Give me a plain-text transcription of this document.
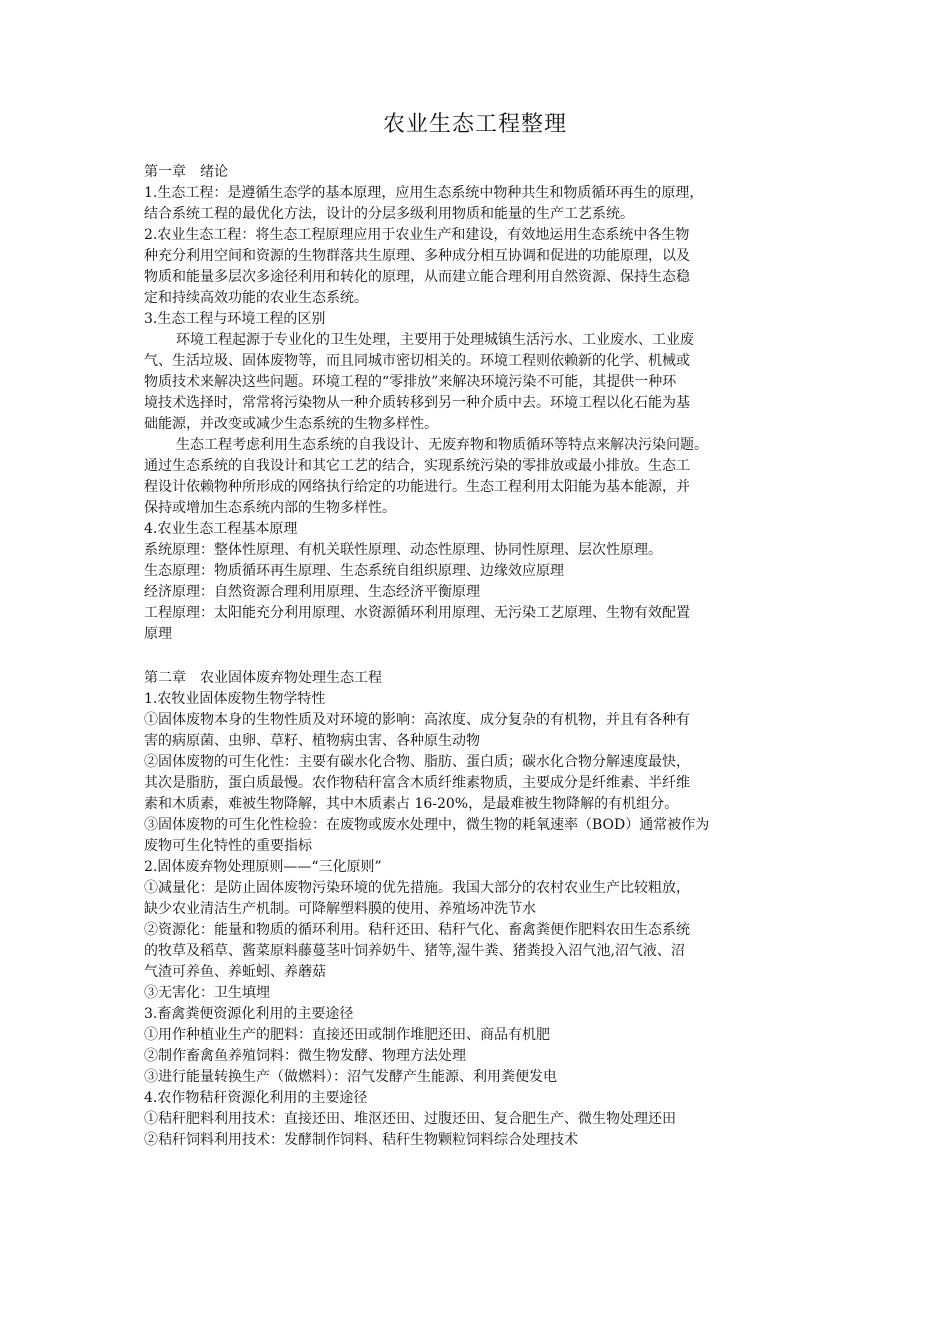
农业生态工程整理

第一章　绪论

1.生态工程：是遵循生态学的基本原理，应用生态系统中物种共生和物质循环再生的原理，

结合系统工程的最优化方法，设计的分层多级利用物质和能量的生产工艺系统。

2.农业生态工程：将生态工程原理应用于农业生产和建设，有效地运用生态系统中各生物

种充分利用空间和资源的生物群落共生原理、多种成分相互协调和促进的功能原理，以及

物质和能量多层次多途径利用和转化的原理，从而建立能合理利用自然资源、保持生态稳

定和持续高效功能的农业生态系统。

3.生态工程与环境工程的区别

环境工程起源于专业化的卫生处理，主要用于处理城镇生活污水、工业废水、工业废

气、生活垃圾、固体废物等，而且同城市密切相关的。环境工程则依赖新的化学、机械或

物质技术来解决这些问题。环境工程的“零排放”来解决环境污染不可能，其提供一种环

境技术选择时，常常将污染物从一种介质转移到另一种介质中去。环境工程以化石能为基

础能源，并改变或减少生态系统的生物多样性。

生态工程考虑利用生态系统的自我设计、无废弃物和物质循环等特点来解决污染问题。

通过生态系统的自我设计和其它工艺的结合，实现系统污染的零排放或最小排放。生态工

程设计依赖物种所形成的网络执行给定的功能进行。生态工程利用太阳能为基本能源，并

保持或增加生态系统内部的生物多样性。

4.农业生态工程基本原理

系统原理：整体性原理、有机关联性原理、动态性原理、协同性原理、层次性原理。

生态原理：物质循环再生原理、生态系统自组织原理、边缘效应原理

经济原理：自然资源合理利用原理、生态经济平衡原理

工程原理：太阳能充分利用原理、水资源循环利用原理、无污染工艺原理、生物有效配置

原理

第二章　农业固体废弃物处理生态工程

1.农牧业固体废物生物学特性

①固体废物本身的生物性质及对环境的影响：高浓度、成分复杂的有机物，并且有各种有

害的病原菌、虫卵、草籽、植物病虫害、各种原生动物

②固体废物的可生化性：主要有碳水化合物、脂肪、蛋白质；碳水化合物分解速度最快，

其次是脂肪，蛋白质最慢。农作物秸秆富含木质纤维素物质，主要成分是纤维素、半纤维

素和木质素，难被生物降解，其中木质素占 16-20%，是最难被生物降解的有机组分。

③固体废物的可生化性检验：在废物或废水处理中，微生物的耗氧速率（BOD）通常被作为

废物可生化特性的重要指标

2.固体废弃物处理原则——“三化原则”

①减量化：是防止固体废物污染环境的优先措施。我国大部分的农村农业生产比较粗放，

缺少农业清洁生产机制。可降解塑料膜的使用、养殖场冲洗节水

②资源化：能量和物质的循环利用。秸秆还田、秸秆气化、畜禽粪便作肥料农田生态系统

的牧草及稻草、酱菜原料藤蔓茎叶饲养奶牛、猪等,湿牛粪、猪粪投入沼气池,沼气液、沼

气渣可养鱼、养蚯蚓、养蘑菇

③无害化：卫生填埋

3.畜禽粪便资源化利用的主要途径

①用作种植业生产的肥料：直接还田或制作堆肥还田、商品有机肥

②制作畜禽鱼养殖饲料：微生物发酵、物理方法处理

③进行能量转换生产（做燃料）：沼气发酵产生能源、利用粪便发电

4.农作物秸秆资源化利用的主要途径

①秸秆肥料利用技术：直接还田、堆沤还田、过腹还田、复合肥生产、微生物处理还田

②秸秆饲料利用技术：发酵制作饲料、秸秆生物颗粒饲料综合处理技术
